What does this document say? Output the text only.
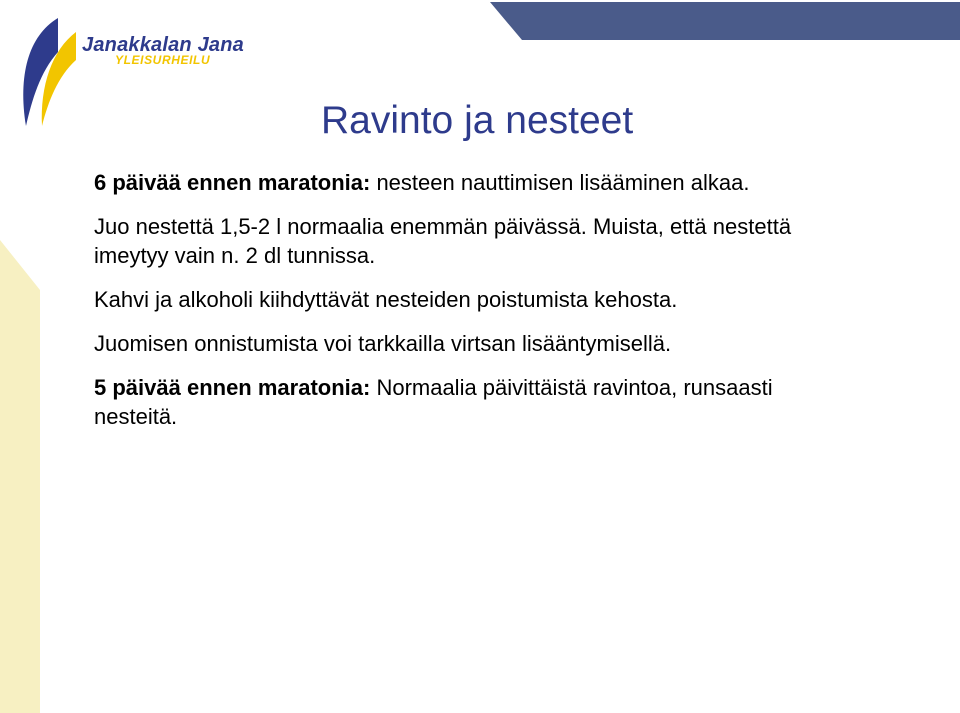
Janakkalan Jana
YLEISURHEILU
Ravinto ja nesteet

6 päivää ennen maratonia: nesteen nauttimisen lisääminen alkaa.

Juo nestettä 1,5-2 l normaalia enemmän päivässä. Muista, että nestettä imeytyy vain n. 2 dl tunnissa.

Kahvi ja alkoholi kiihdyttävät nesteiden poistumista kehosta.

Juomisen onnistumista voi tarkkailla virtsan lisääntymisellä.

5 päivää ennen maratonia: Normaalia päivittäistä ravintoa, runsaasti nesteitä.
